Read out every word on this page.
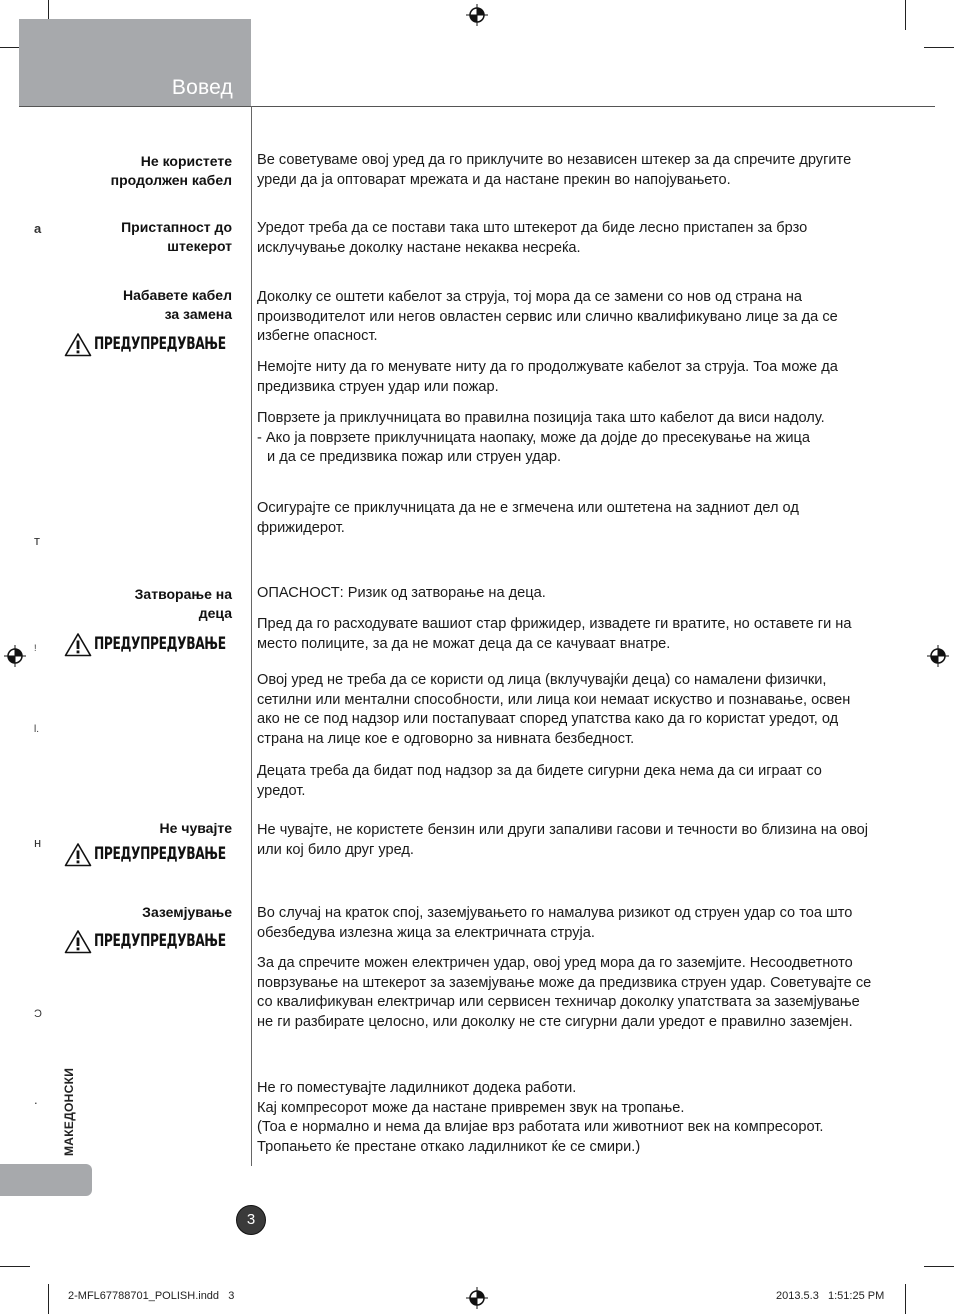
Вовед
а
т
!
l.
н
Ɔ
.
Не користете
продолжен кабел
Пристапност до
штекерот
Набавете кабел
за замена
Затворање на
деца
Не чувајте
Заземјување
ПРЕДУПРЕДУВАЊЕ
ПРЕДУПРЕДУВАЊЕ
ПРЕДУПРЕДУВАЊЕ
ПРЕДУПРЕДУВАЊЕ
Ве советуваме овој уред да го приклучите во независен штекер за да спречите другите уреди да ја оптоварат мрежата и да настане прекин во напојувањето.
Уредот треба да се постави така што штекерот да биде лесно пристапен за брзо исклучување доколку настане некаква несреќа.
Доколку се оштети кабелот за струја, тој мора да се замени со нов од страна на производителот или негов овластен сервис или слично квалификувано лице за да се избегне опасност.
Немојте ниту да го менувате ниту да го продолжувате кабелот за струја. Тоа може да предизвика струен удар или пожар.
Поврзете ја приклучницата во правилна позиција така што кабелот да виси надолу.
- Ако ја поврзете приклучницата наопаку, може да дојде до пресекување на жица

и да се предизвика пожар или струен удар.
Осигурајте се приклучницата да не е згмечена или оштетена на задниот дел од фрижидерот.
ОПАСНОСТ: Ризик од затворање на деца.
Пред да го расходувате вашиот стар фрижидер, извадете ги вратите, но оставете ги на место полиците, за да не можат деца да се качуваат внатре.
Овој уред не треба да се користи од лица (вклучувајќи деца) со намалени физички, сетилни или ментални способности, или лица кои немаат искуство и познавање, освен ако не се под надзор или постапуваат според упатства како да го користат уредот, од страна на лице кое е одговорно за нивната безбедност.
Децата треба да бидат под надзор за да бидете сигурни дека нема да си играат со уредот.
Не чувајте, не користете бензин или други запаливи гасови и течности во близина на овој или кој било друг уред.
Во случај на краток спој, заземјувањето го намалува ризикот од струен удар со тоа што обезбедува излезна жица за електричната струја.
За да спречите можен електричен удар, овој уред мора да го заземјите. Несоодветното поврзување на штекерот за заземјување може да предизвика струен удар. Советувајте се со квалификуван електричар или сервисен техничар доколку упатствата за заземјување не ги разбирате целосно, или доколку не сте сигурни дали уредот е правилно заземјен.
Не го поместувајте ладилникот додека работи.
Кај компресорот може да настане привремен звук на тропање.
(Тоа е нормално и нема да влијае врз работата или животниот век на компресорот. Тропањето ќе престане откако ладилникот ќе се смири.)
МАКЕДОНСКИ
3
2-MFL67788701_POLISH.indd   3	2013.5.3   1:51:25 PM
